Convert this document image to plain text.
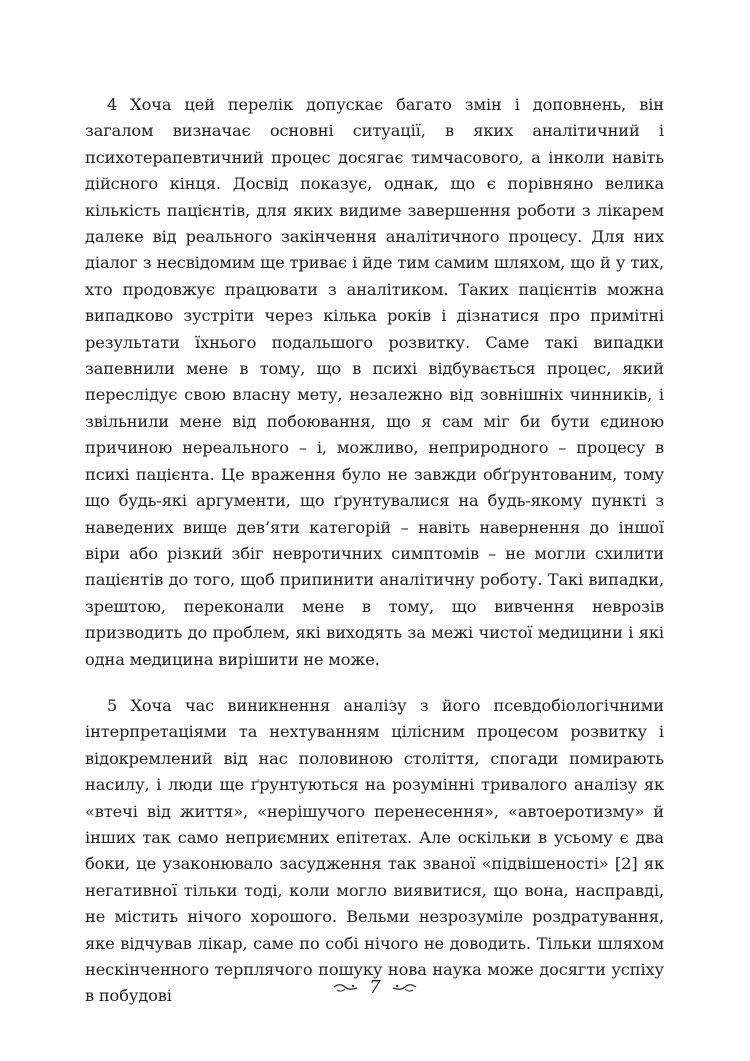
4 Хоча цей перелік допускає багато змін і доповнень, він загалом визначає основні ситуації, в яких аналітичний і психотерапевтичний процес досягає тимчасового, а інколи навіть дійсного кінця. Досвід показує, однак, що є порівняно велика кількість пацієнтів, для яких видиме завершення роботи з лікарем далеке від реального закінчення аналітичного процесу. Для них діалог з несвідомим ще триває і йде тим самим шляхом, що й у тих, хто продовжує працювати з аналітиком. Таких пацієнтів можна випадково зустріти через кілька років і дізнатися про примітні результати їхнього подальшого розвитку. Саме такі випадки запевнили мене в тому, що в психі відбувається процес, який переслідує свою власну мету, незалежно від зовнішніх чинників, і звільнили мене від побоювання, що я сам міг би бути єдиною причиною нереального – і, можливо, неприродного – процесу в психі пацієнта. Це враження було не завжди обґрунтованим, тому що будь-які аргументи, що ґрунтувалися на будь-якому пункті з наведених вище дев’яти категорій – навіть навернення до іншої віри або різкий збіг невротичних симптомів – не могли схилити пацієнтів до того, щоб припинити аналітичну роботу. Такі випадки, зрештою, переконали мене в тому, що вивчення неврозів призводить до проблем, які виходять за межі чистої медицини і які одна медицина вирішити не може.

5 Хоча час виникнення аналізу з його псевдобіологічними інтерпретаціями та нехтуванням цілісним процесом розвитку і відокремлений від нас половиною століття, спогади помирають насилу, і люди ще ґрунтуються на розумінні тривалого аналізу як «втечі від життя», «нерішучого перенесення», «автоеротизму» й інших так само неприємних епітетах. Але оскільки в усьому є два боки, це узаконювало засудження так званої «підвішеності» [2] як негативної тільки тоді, коли могло виявитися, що вона, насправді, не містить нічого хорошого. Вельми незрозуміле роздратування, яке відчував лікар, саме по собі нічого не доводить. Тільки шляхом нескінченного терплячого пошуку нова наука може досягти успіху в побудові	7
